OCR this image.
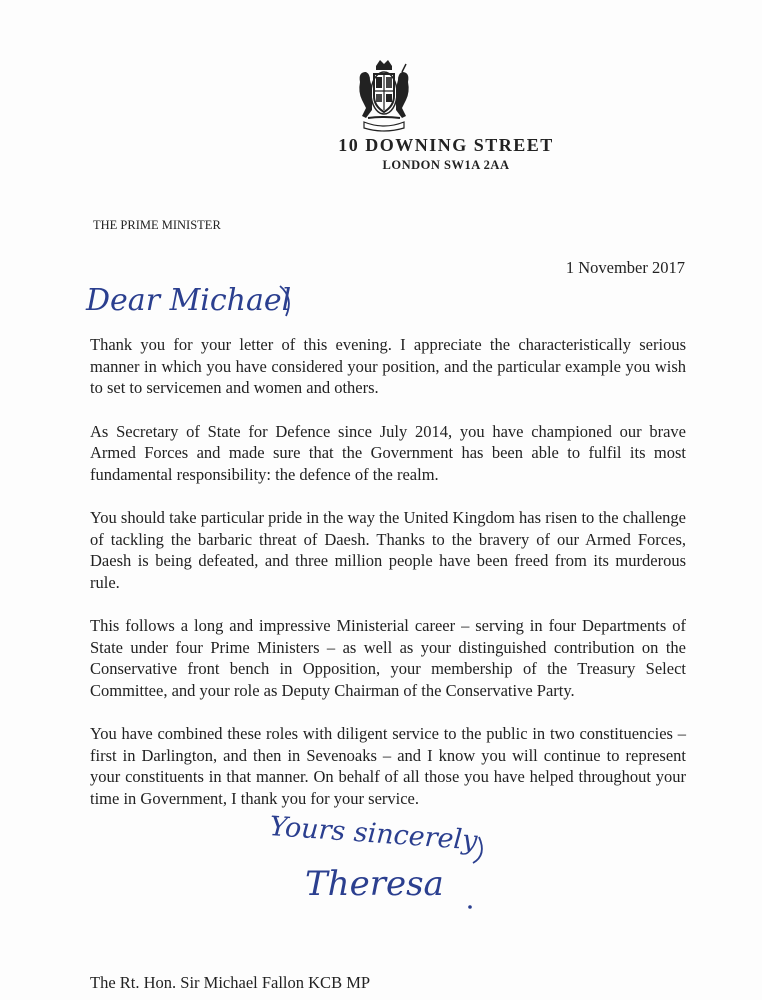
10 DOWNING STREET
LONDON SW1A 2AA
THE PRIME MINISTER
1 November 2017
Dear Michael

Thank you for your letter of this evening. I appreciate the characteristically serious manner in which you have considered your position, and the particular example you wish to set to servicemen and women and others.

As Secretary of State for Defence since July 2014, you have championed our brave Armed Forces and made sure that the Government has been able to fulfil its most fundamental responsibility: the defence of the realm.

You should take particular pride in the way the United Kingdom has risen to the challenge of tackling the barbaric threat of Daesh. Thanks to the bravery of our Armed Forces, Daesh is being defeated, and three million people have been freed from its murderous rule.

This follows a long and impressive Ministerial career – serving in four Departments of State under four Prime Ministers – as well as your distinguished contribution on the Conservative front bench in Opposition, your membership of the Treasury Select Committee, and your role as Deputy Chairman of the Conservative Party.

You have combined these roles with diligent service to the public in two constituencies – first in Darlington, and then in Sevenoaks – and I know you will continue to represent your constituents in that manner. On behalf of all those you have helped throughout your time in Government, I thank you for your service.

Yours sincerely
Theresa
The Rt. Hon. Sir Michael Fallon KCB MP
